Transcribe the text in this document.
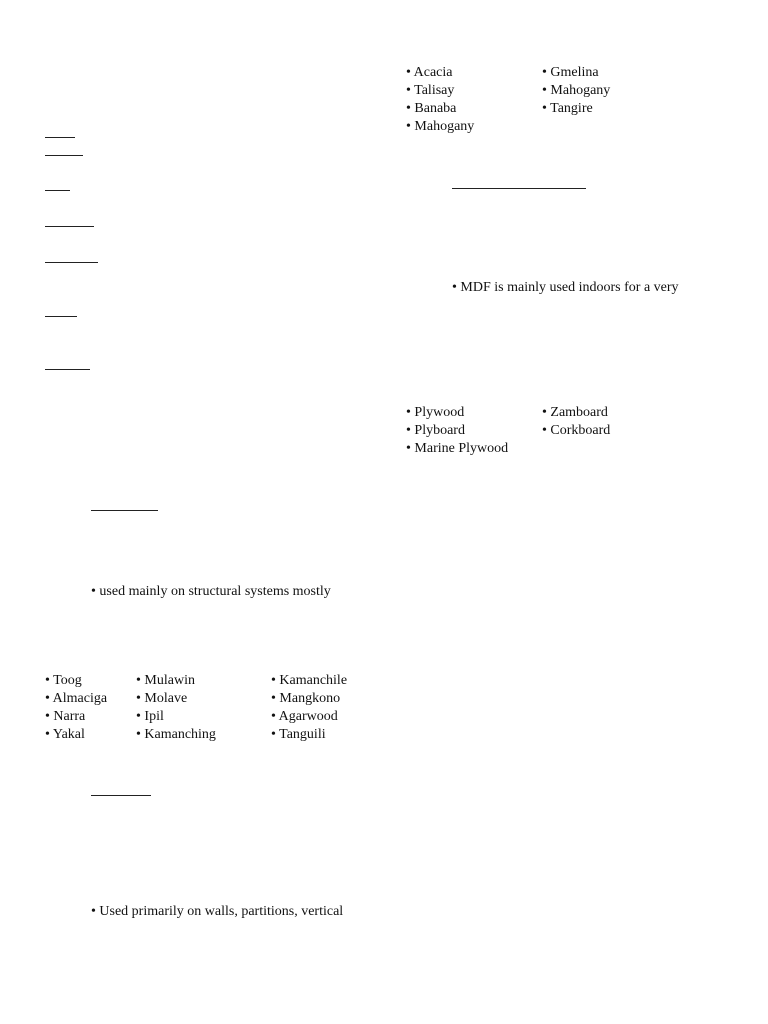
• Acacia
• Talisay
• Banaba
• Mahogany
• Gmelina
• Mahogany
• Tangire
• MDF is mainly used indoors for a very
• Plywood
• Plyboard
• Marine Plywood
• Zamboard
• Corkboard
• used mainly on structural systems mostly
• Toog
• Almaciga
• Narra
• Yakal
• Mulawin
• Molave
• Ipil
• Kamanching
• Kamanchile
• Mangkono
• Agarwood
• Tanguili
• Used primarily on walls, partitions, vertical
